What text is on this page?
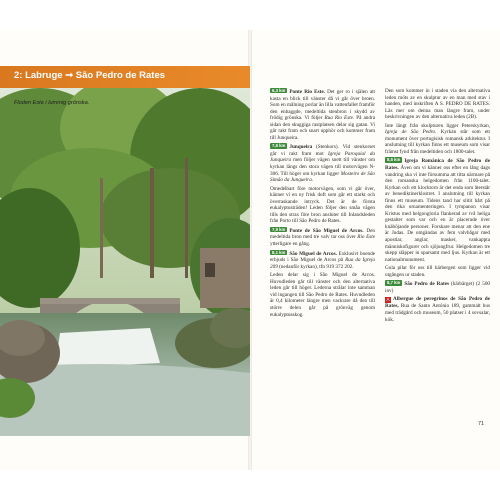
2: Labruge ➞ São Pedro de Rates
Floden Este i lummig grönska.

6,3 km Ponte Rio Este. Det ger ro i själen att kasta en blick till vänster då vi går över broen. Som en målning porlar än lilla vattenfallet framför den enbaggde, medeltida stenbron i skydd av frödig grönska. Vi följer Rua Rio Este. På andra sidan den skuggiga rastplatsen delar sig gatan. Vi går rakt fram och snart upphör och kommer fram till Junqueira.

7,6 km Junqueira (Stenkors). Vid stenkorset går vi rakt fram mot Igreja Paroquial da Junqueira men följer vägen snett till vänster om kyrkan längs den stora vägen till motorvägen N-306. Till höger om kyrkan ligger Mosteiro de São Simão da Junqueira.

Omedelbart före motorvägen, som vi går över, känner vi en ny frisk doft som går ett starkt och överraskande intryck. Det är de första eukalyptusträden! Leden följer den småa vägen tills den strax före bron ansluter till Inlandsleden från Porto till São Pedro de Rates.

7,9 km Ponte de São Miguel de Arcos. Den medeltida bron med tre valv tar oss över Rio Este ytterligare en gång.

8,1 km São Miguel de Arcos. Exklusivt boende erbjuds i São Miguel de Arcos på Rua da Igreja 209 (nedanför kyrkan), tfn 919 372 202.

Leden delar sig i São Miguel de Arcos. Huvudleden går till vänster och den alternativa leden går till höger. Lederna strålar inte samman vid ingangen till São Pedro de Rates. Huvudleden är 0,4 kilometer längre men vackrare då den till större delen går på grönväg genom eukalyptusskog.

Den som kommer in i staden via den alternativa leden möts av en skulptur av en man med stav i handen, med inskriften A S. PEDRO DE RATES. Läs mer om denna man längre fram, under beskrivningen av den alternativa leden (2B).

Inte längt från skulpturen ligger Peterskyrkan, Igreja de São Pedro. Kyrkan står som ett monument över portugisisk romansk arkitektur. I anslutning till kyrkan finns ett museum som visar främst fynd från medeltiden och 1800-talet.

8,5 km Igreja Românica de São Pedro de Rates. Åven om vi känner oss efter en lång dags vandring ska vi inte försumma att titta närmare på den romanska helgedomen från 1100-talet. Kyrkan och ett klocktorn är det enda som återstår av benediktinerklostret. I anslutning till kyrkan finns ett museum. Tidens tand har slitit hårt på den rika ornamenteringen. I tympanon visar Kristus med helgongloria flankerad av två heliga gestalter som var och en är placerade över knäböjande personer. Forskare menar att den ene är Judas. De omgändas av fem valvbågar med apostlar, anglar, masker, vankappta människofigurer och sjöjungfrur. Helgedomen tre skepp släpper in sparsamt med ljus. Kyrkan är ett nationalmonument.

Gula pilar för oss till härbergen som ligger vid utgången ur staden.

8,7 km São Pedro de Rates (härbärget) (2 500 inv)

A Albergue de peregrinos de São Pedro de Rates, Rua de Santo António 189, gammalt hus med trädgård och museum, 50 platser i 4 sovsalar, kök.

71
